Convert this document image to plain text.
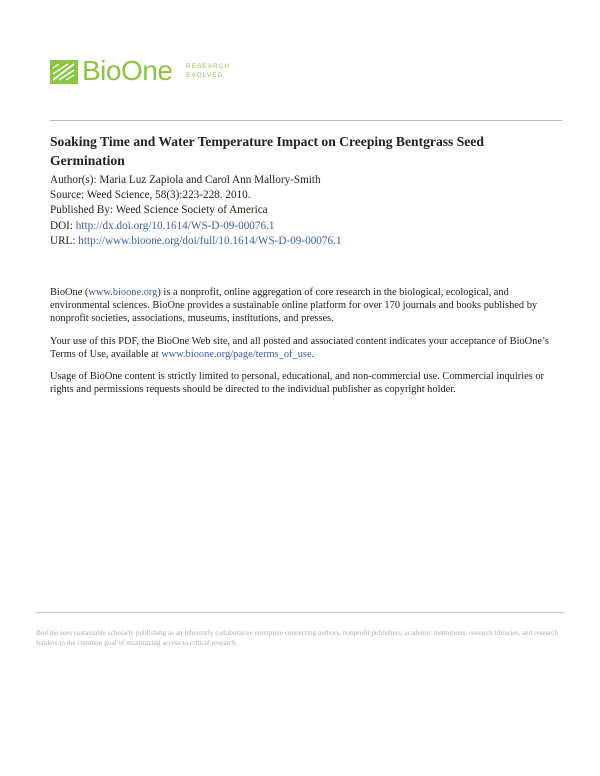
BioOne RESEARCH
EVOLVED
Soaking Time and Water Temperature Impact on Creeping Bentgrass Seed Germination
Author(s): Maria Luz Zapiola and Carol Ann Mallory-Smith
Source: Weed Science, 58(3):223-228. 2010.
Published By: Weed Science Society of America
DOI: http://dx.doi.org/10.1614/WS-D-09-00076.1
URL: http://www.bioone.org/doi/full/10.1614/WS-D-09-00076.1

BioOne (www.bioone.org) is a nonprofit, online aggregation of core research in the biological, ecological, and environmental sciences. BioOne provides a sustainable online platform for over 170 journals and books published by nonprofit societies, associations, museums, institutions, and presses.

Your use of this PDF, the BioOne Web site, and all posted and associated content indicates your acceptance of BioOne’s Terms of Use, available at www.bioone.org/page/terms_of_use.

Usage of BioOne content is strictly limited to personal, educational, and non-commercial use. Commercial inquiries or rights and permissions requests should be directed to the individual publisher as copyright holder.

BioOne sees sustainable scholarly publishing as an inherently collaborative enterprise connecting authors, nonprofit publishers, academic institutions, research libraries, and research funders in the common goal of maximizing access to critical research.
